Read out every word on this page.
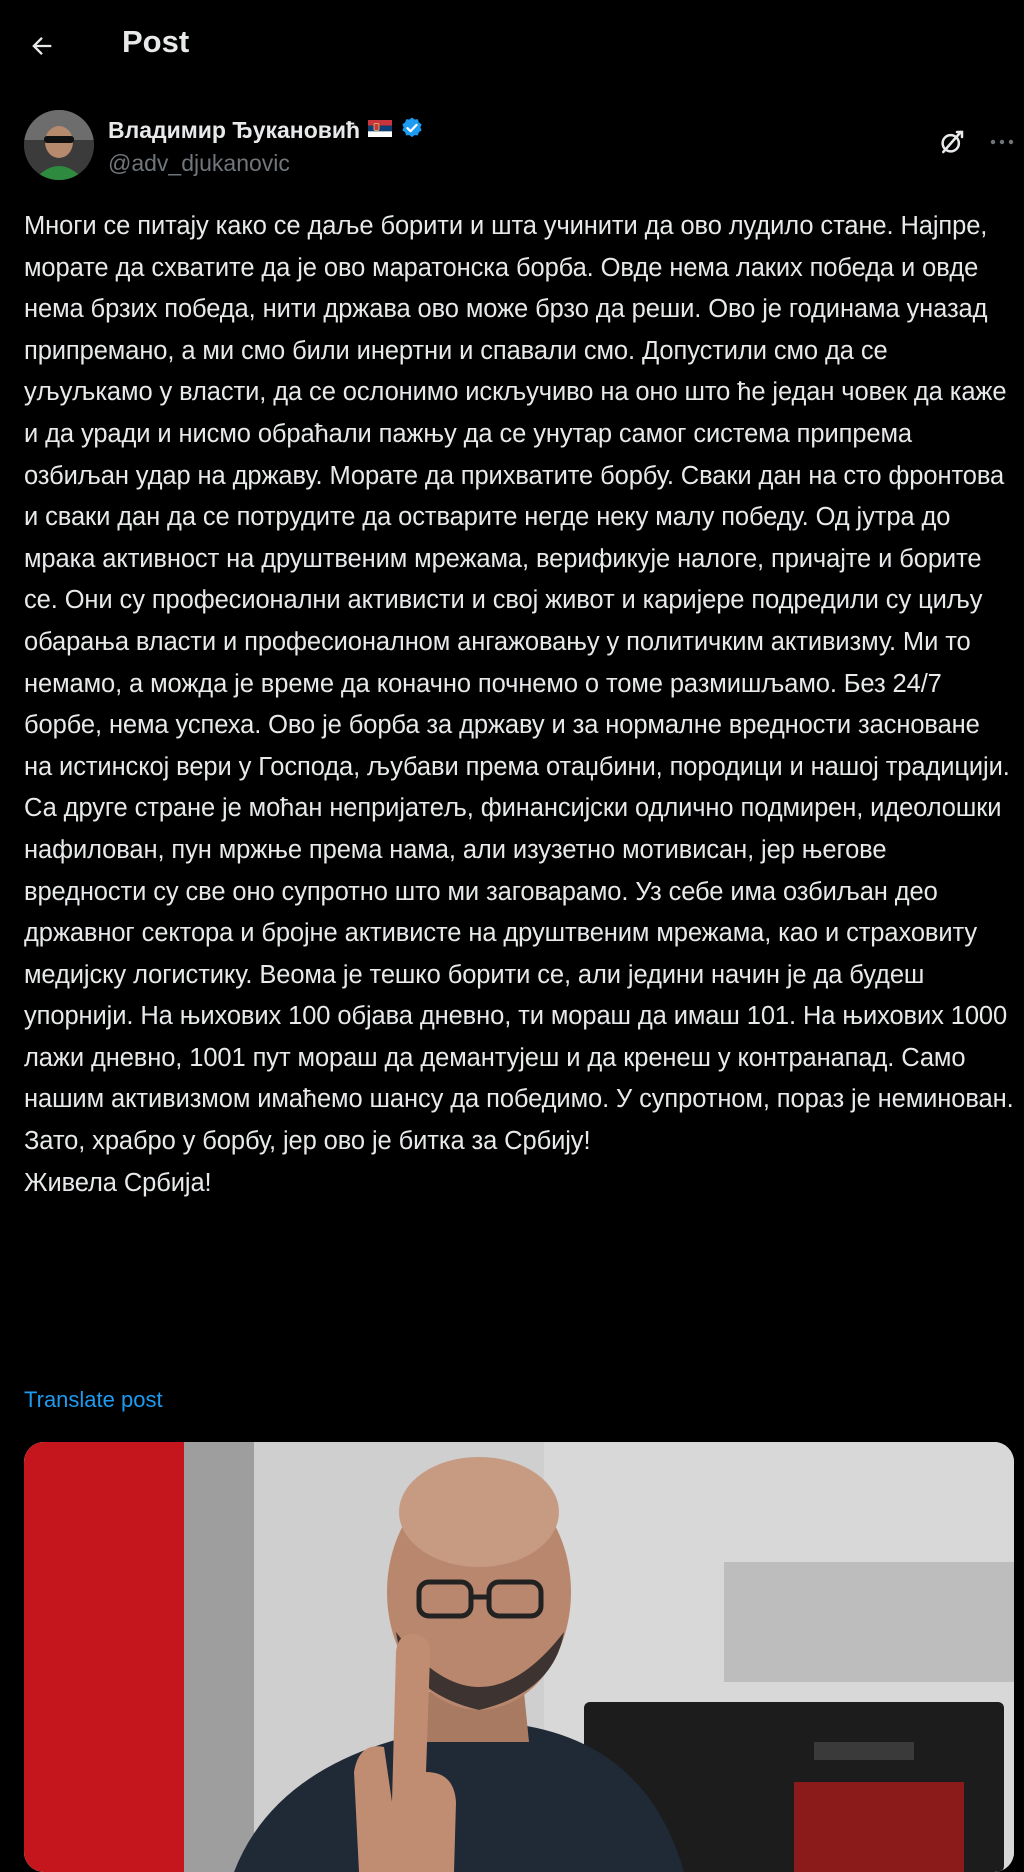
Post
Владимир Ђукановић
@adv_djukanovic
Многи се питају како се даље борити и шта учинити да ово лудило стане. Најпре, морате да схватите да је ово маратонска борба. Овде нема лаких победа и овде нема брзих победа, нити држава ово може брзо да реши. Ово је годинама уназад припремано, а ми смо били инертни и спавали смо. Допустили смо да се уљуљкамо у власти, да се ослонимо искључиво на оно што ће један човек да каже и да уради и нисмо обраћали пажњу да се унутар самог система припрема озбиљан удар на државу. Морате да прихватите борбу. Сваки дан на сто фронтова и сваки дан да се потрудите да остварите негде неку малу победу. Од јутра до мрака активност на друштвеним мрежама, верификује налоге, причајте и борите се. Они су професионални активисти и свој живот и каријере подредили су циљу обарања власти и професионалном ангажовању у политичким активизму. Ми то немамо, а можда је време да коначно почнемо о томе размишљамо. Без 24/7 борбе, нема успеха. Ово је борба за државу и за нормалне вредности засноване на истинској вери у Господа, љубави према отаџбини, породици и нашој традицији. Са друге стране је моћан непријатељ, финансијски одлично подмирен, идеолошки нафилован, пун мржње према нама, али изузетно мотивисан, јер његове вредности су све оно супротно што ми заговарамо. Уз себе има озбиљан део државног сектора и бројне активисте на друштвеним мрежама, као и страховиту медијску логистику. Веома је тешко борити се, али једини начин је да будеш упорнији. На њихових 100 објава дневно, ти мораш да имаш 101. На њихових 1000 лажи дневно, 1001 пут мораш да демантујеш и да кренеш у контранапад. Само нашим активизмом имаћемо шансу да победимо. У супротном, пораз је неминован. Зато, храбро у борбу, јер ово је битка за Србију!
Живела Србија!
Translate post
